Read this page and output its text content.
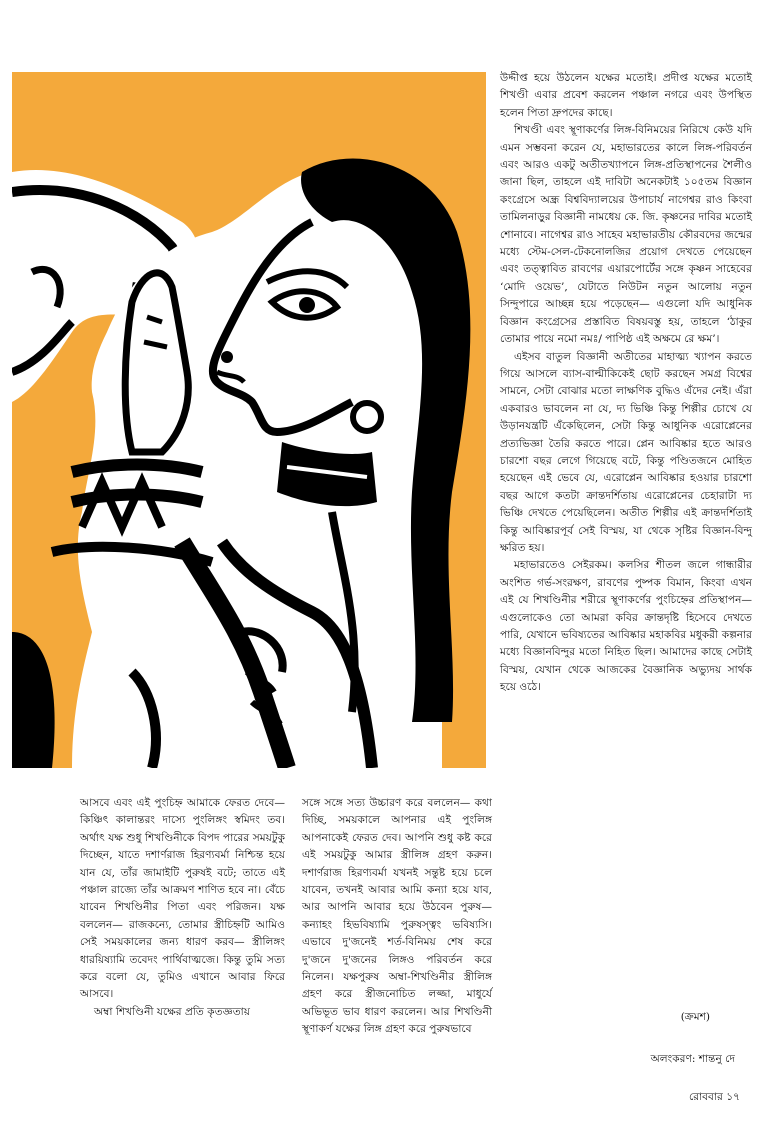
উদ্দীপ্ত হয়ে উঠলেন যক্ষের মতোই। প্রদীপ্ত যক্ষের মতোই শিখণ্ডী এবার প্রবেশ করলেন পঞ্চাল নগরে এবং উপস্থিত হলেন পিতা দ্রুপদের কাছে।

শিখণ্ডী এবং স্থূণাকর্ণের লিঙ্গ-বিনিময়ের নিরিখে কেউ যদি এমন সম্ভবনা করেন যে, মহাভারতের কালে লিঙ্গ-পরিবর্তন এবং আরও একটু অতীতখ্যাপনে লিঙ্গ-প্রতিস্থাপনের শৈলীও জানা ছিল, তাহলে এই দাবিটা অনেকটাই ১০৫তম বিজ্ঞান কংগ্রেসে অন্ধ্র বিশ্ববিদ্যালয়ের উপাচার্য নাগেশ্বর রাও কিংবা তামিলনাড়ুর বিজ্ঞানী নামধেয় কে. জি. কৃষ্ণনের দাবির মতোই শোনাবে। নাগেশ্বর রাও সাহেব মহাভারতীয় কৌরবদের জন্মের মধ্যে স্টেম-সেল-টেকনোলজির প্রয়োগ দেখতে পেয়েছেন এবং তত্ত্বাবিত রাবণের এয়ারপোর্টের সঙ্গে কৃষ্ণন সাহেবের ‘মোদি ওয়েভ’, যেটাতে নিউটন নতুন আলোয় নতুন সিন্দুপারে আচ্ছন্ন হয়ে পড়েছেন— এগুলো যদি আধুনিক বিজ্ঞান কংগ্রেসের প্রস্তাবিত বিষয়বস্তু হয়, তাহলে ‘ঠাকুর তোমার পায়ে নমো নমঃ/ পাপিষ্ঠ এই অক্ষমে রে ক্ষম’।

এইসব বাতুল বিজ্ঞানী অতীতের মাহাত্ম্য খ্যাপন করতে গিয়ে আসলে ব্যাস-বাল্মীকিকেই ছোট করছেন সমগ্র বিশ্বের সামনে, সেটা বোঝার মতো লাক্ষণিক বুদ্ধিও এঁদের নেই। এঁরা একবারও ভাবলেন না যে, দ্য ভিঞ্চি কিন্তু শিল্পীর চোখে যে উড়ানযন্ত্রটি এঁকেছিলেন, সেটা কিন্তু আধুনিক এরোপ্লেনের প্রত্যভিজ্ঞা তৈরি করতে পারে। প্লেন আবিষ্কার হতে আরও চারশো বছর লেগে গিয়েছে বটে, কিন্তু পণ্ডিতজনে মোহিত হয়েছেন এই ভেবে যে, এরোপ্লেন আবিষ্কার হওয়ার চারশো বছর আগে কতটা ক্রান্তদর্শিতায় এরোপ্লেনের চেহারাটা দ্য ভিঞ্চি দেখতে পেয়েছিলেন। অতীত শিল্পীর এই ক্রান্তদর্শিতাই কিন্তু আবিষ্কারপূর্ব সেই বিস্ময়, যা থেকে সৃষ্টির বিজ্ঞান-বিন্দু ক্ষরিত হয়।

মহাভারতেও সেইরকম। কলসির শীতল জলে গান্ধারীর অংশিত গর্ভ-সংরক্ষণ, রাবণের পুষ্পক বিমান, কিংবা এখন এই যে শিখণ্ডিনীর শরীরে স্থূণাকর্ণের পুংচিহ্নের প্রতিস্থাপন— এগুলোকেও তো আমরা কবির ক্রান্তদৃষ্টি হিসেবে দেখতে পারি, যেখানে ভবিষ্যতের আবিষ্কার মহাকবির মধুকরী কল্পনার মধ্যে বিজ্ঞানবিন্দুর মতো নিহিত ছিল। আমাদের কাছে সেটাই বিস্ময়, যেখান থেকে আজকের বৈজ্ঞানিক অভ্যুদয় সার্থক হয়ে ওঠে।

আসবে এবং এই পুংচিহ্ন আমাকে ফেরত দেবে— কিঞ্চিৎ কালান্তরং দাস্যে পুংলিঙ্গং স্বমিদং তব। অর্থাৎ যক্ষ শুধু শিখণ্ডিনীকে বিপদ পারের সময়টুকু দিচ্ছেন, যাতে দশার্ণরাজ হিরণ্যবর্মা নিশ্চিন্ত হয়ে যান যে, তাঁর জামাইটি পুরুষই বটে; তাতে এই পঞ্চাল রাজ্যে তাঁর আক্রমণ শাণিত হবে না। বেঁচে যাবেন শিখণ্ডিনীর পিতা এবং পরিজন। যক্ষ বললেন— রাজকন্যে, তোমার স্ত্রীচিহ্নটি আমিও সেই সময়কালের জন্য ধারণ করব— স্ত্রীলিঙ্গং ধারয়িষ্যামি তবেদং পার্থিবাত্মজে। কিন্তু তুমি সত্য করে বলো যে, তুমিও এখানে আবার ফিরে আসবে।

অম্বা শিখণ্ডিনী যক্ষের প্রতি কৃতজ্ঞতায়

সঙ্গে সঙ্গে সত্য উচ্চারণ করে বললেন— কথা দিচ্ছি, সময়কালে আপনার এই পুংলিঙ্গ আপনাকেই ফেরত দেব। আপনি শুধু কষ্ট করে এই সময়টুকু আমার স্ত্রীলিঙ্গ গ্রহণ করুন। দশার্ণরাজ হিরণ্যবর্মা যখনই সন্তুষ্ট হয়ে চলে যাবেন, তখনই আবার আমি কন্যা হয়ে যাব, আর আপনি আবার হয়ে উঠবেন পুরুষ— কন্যাহং হিভবিষ্যামি পুরুষস্ত্বং ভবিষ্যসি। এভাবে দু'জনেই শর্ত-বিনিময় শেষ করে দু'জনে দু'জনের লিঙ্গও পরিবর্তন করে নিলেন। যক্ষপুরুষ অম্বা-শিখণ্ডিনীর স্ত্রীলিঙ্গ গ্রহণ করে স্ত্রীজনোচিত লজ্জা, মাধুর্যে অভিভূত ভাব ধারণ করলেন। আর শিখণ্ডিনী স্থূণাকর্ণ যক্ষের লিঙ্গ গ্রহণ করে পুরুষভাবে

(ক্রমশ)
অলংকরণ: শান্তনু দে
রোববার ১৭
